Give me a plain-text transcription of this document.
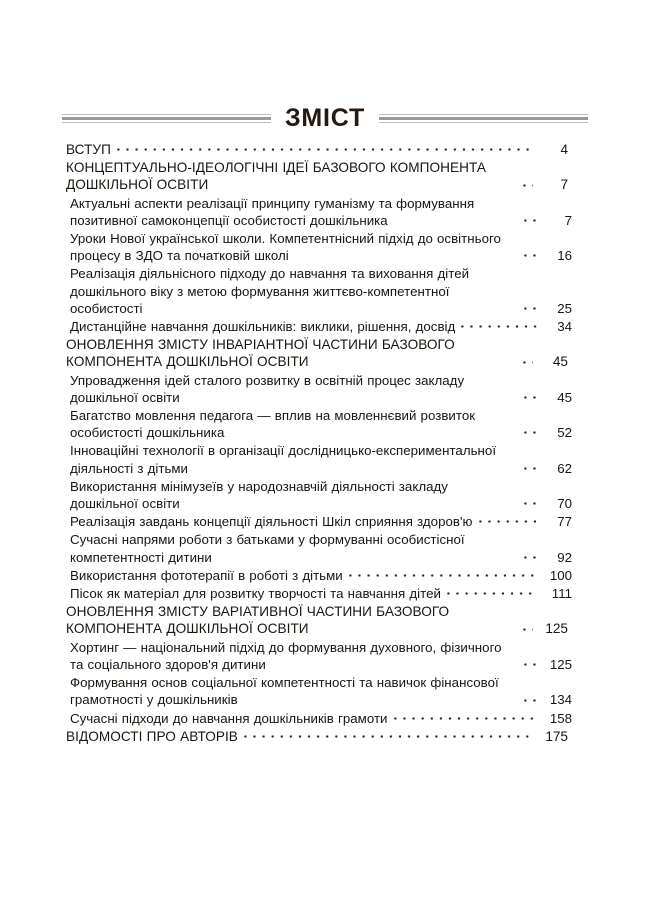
ЗМІСТ
ВСТУП	4
КОНЦЕПТУАЛЬНО-ІДЕОЛОГІЧНІ ІДЕЇ БАЗОВОГО КОМПОНЕНТА ДОШКІЛЬНОЇ ОСВІТИ	7
Актуальні аспекти реалізації принципу гуманізму та формування позитивної самоконцепції особистості дошкільника	7
Уроки Нової української школи. Компетентнісний підхід до освітнього процесу в ЗДО та початковій школі	16
Реалізація діяльнісного підходу до навчання та виховання дітей дошкільного віку з метою формування життєво-компетентної особистості	25
Дистанційне навчання дошкільників: виклики, рішення, досвід	34
ОНОВЛЕННЯ ЗМІСТУ ІНВАРІАНТНОЇ ЧАСТИНИ БАЗОВОГО КОМПОНЕНТА ДОШКІЛЬНОЇ ОСВІТИ	45
Упровадження ідей сталого розвитку в освітній процес закладу дошкільної освіти	45
Багатство мовлення педагога — вплив на мовленнєвий розвиток особистості дошкільника	52
Інноваційні технології в організації дослідницько-експериментальної діяльності з дітьми	62
Використання мінімузеїв у народознавчій діяльності закладу дошкільної освіти	70
Реалізація завдань концепції діяльності Шкіл сприяння здоров'ю	77
Сучасні напрями роботи з батьками у формуванні особистісної компетентності дитини	92
Використання фототерапії в роботі з дітьми	100
Пісок як матеріал для розвитку творчості та навчання дітей	111
ОНОВЛЕННЯ ЗМІСТУ ВАРІАТИВНОЇ ЧАСТИНИ БАЗОВОГО КОМПОНЕНТА ДОШКІЛЬНОЇ ОСВІТИ	125
Хортинг — національний підхід до формування духовного, фізичного та соціального здоров'я дитини	125
Формування основ соціальної компетентності та навичок фінансової грамотності у дошкільників	134
Сучасні підходи до навчання дошкільників грамоти	158
ВІДОМОСТІ ПРО АВТОРІВ	175
